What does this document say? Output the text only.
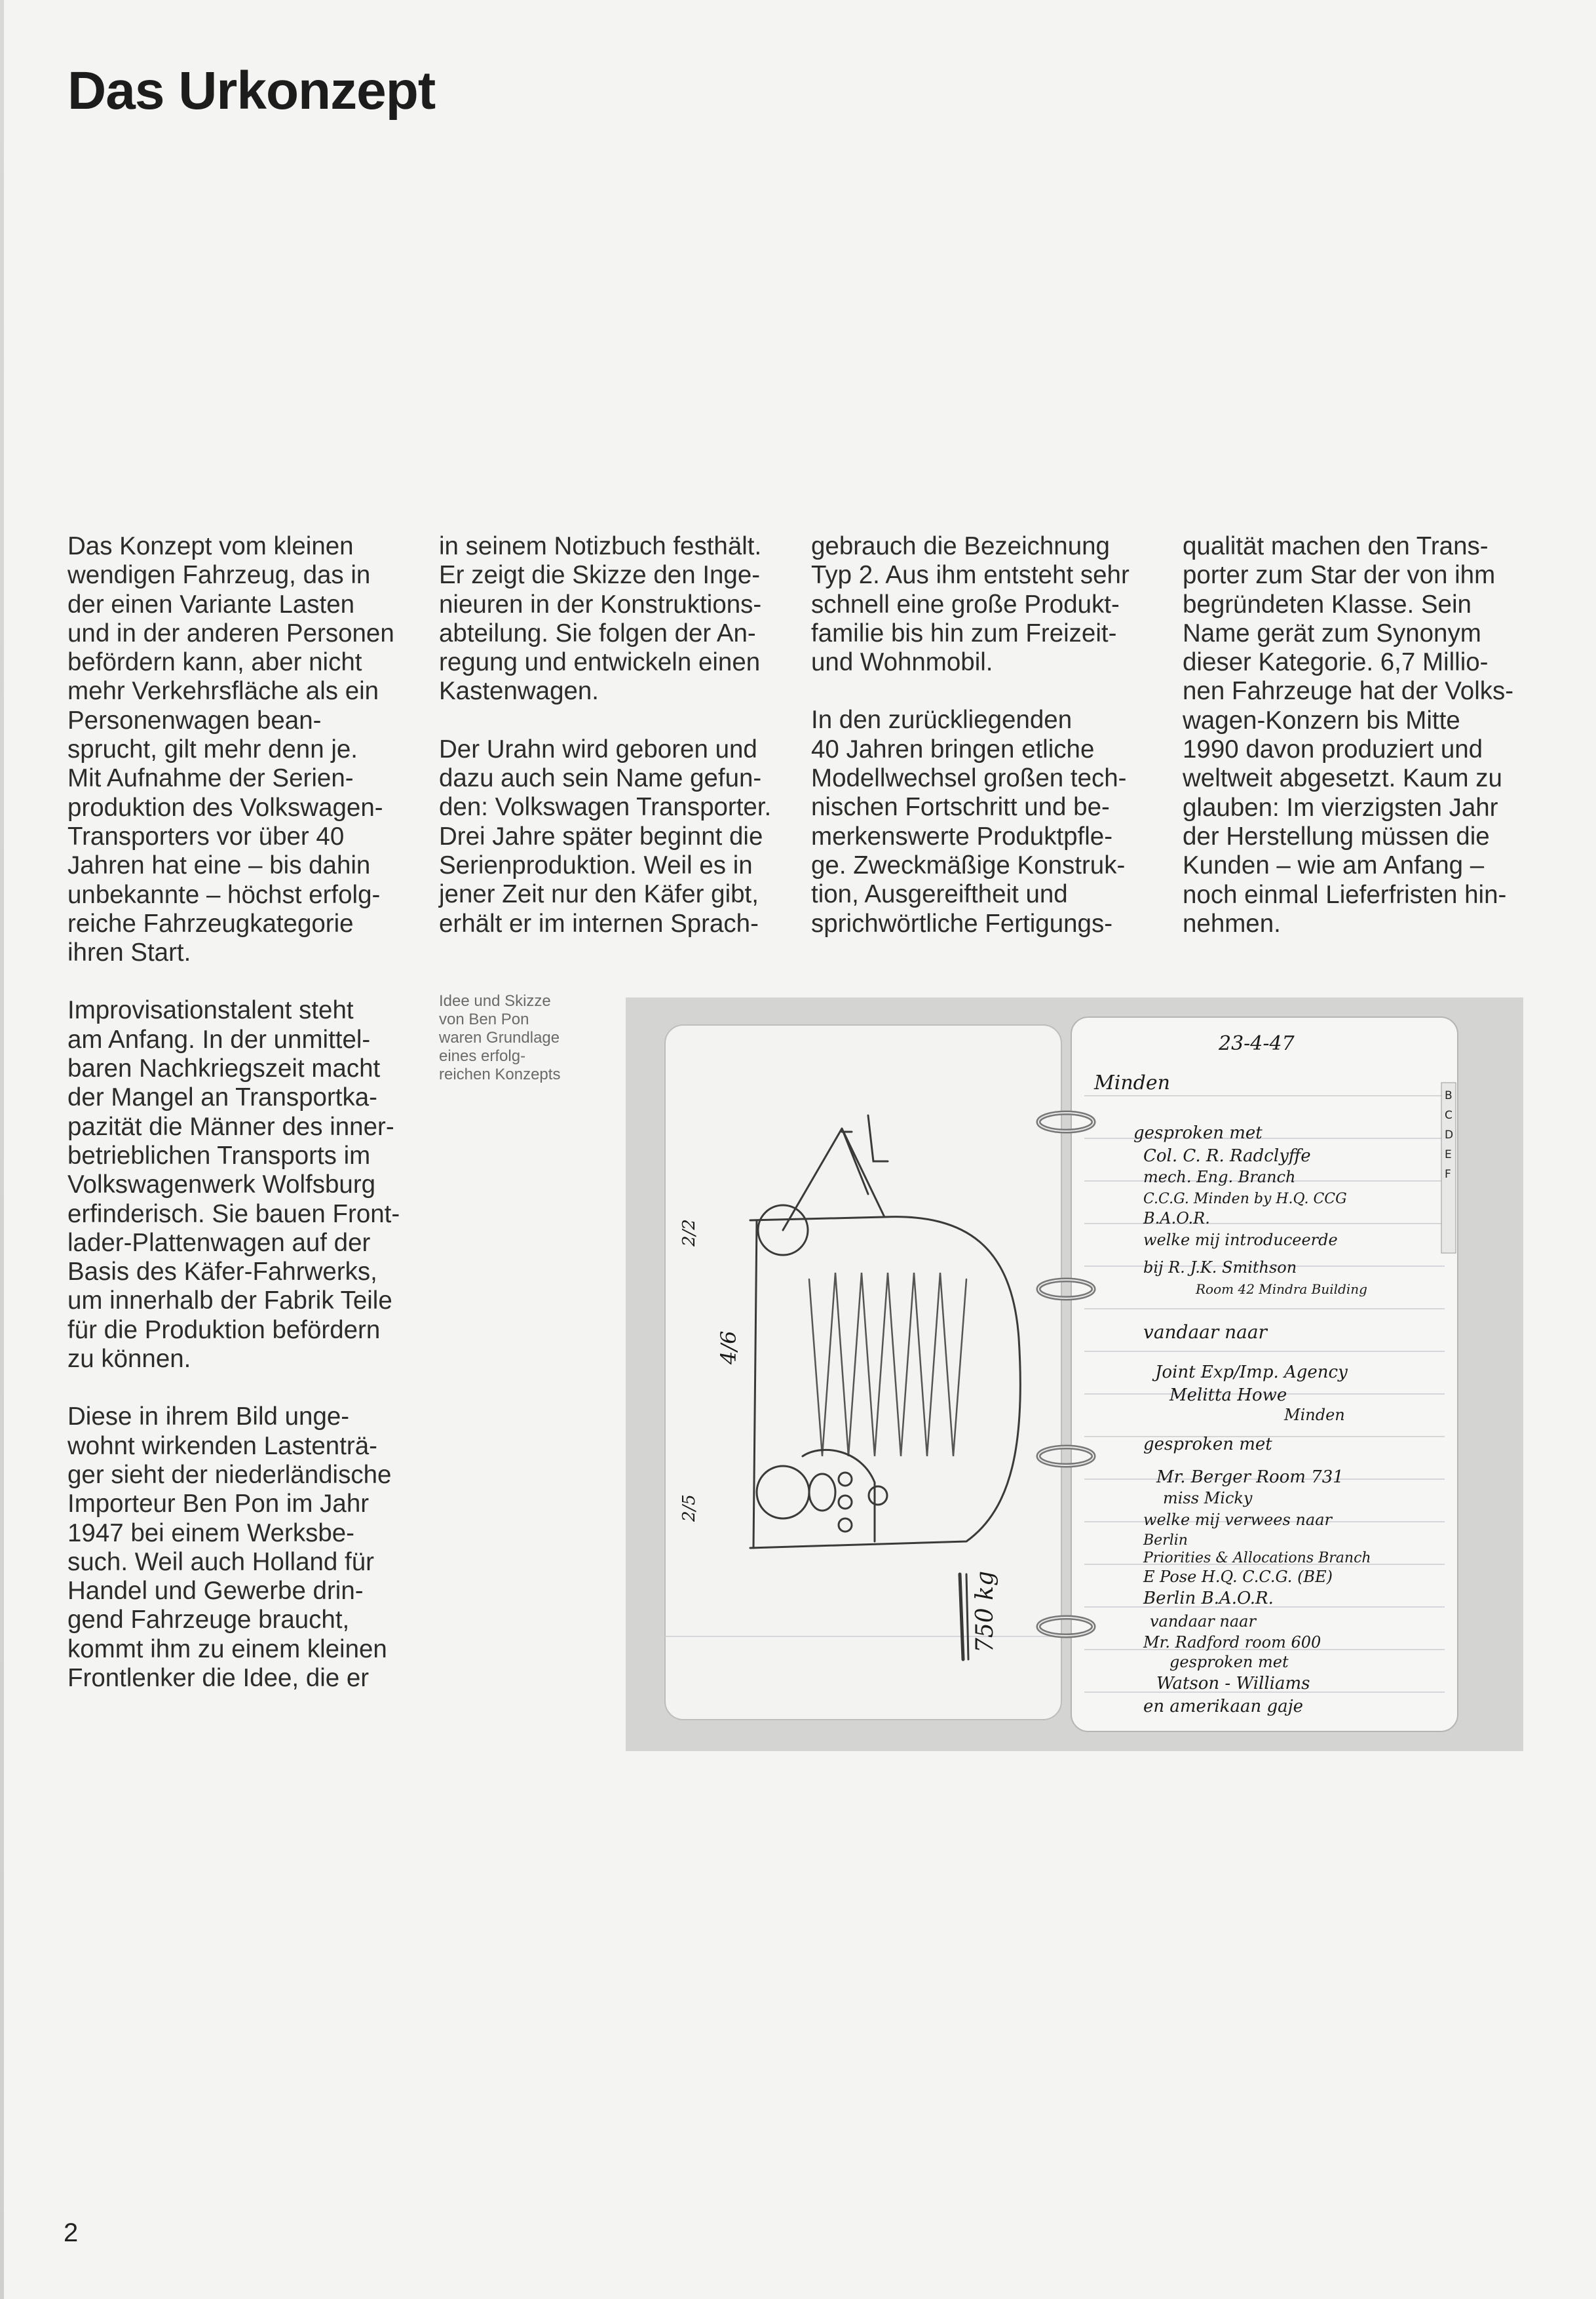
Das Urkonzept

Das Konzept vom kleinen
wendigen Fahrzeug, das in
der einen Variante Lasten
und in der anderen Personen
befördern kann, aber nicht
mehr Verkehrsfläche als ein
Personenwagen bean-
sprucht, gilt mehr denn je.
Mit Aufnahme der Serien-
produktion des Volkswagen-
Transporters vor über 40
Jahren hat eine – bis dahin
unbekannte – höchst erfolg-
reiche Fahrzeugkategorie
ihren Start.

Improvisationstalent steht
am Anfang. In der unmittel-
baren Nachkriegszeit macht
der Mangel an Transportka-
pazität die Männer des inner-
betrieblichen Transports im
Volkswagenwerk Wolfsburg
erfinderisch. Sie bauen Front-
lader-Plattenwagen auf der
Basis des Käfer-Fahrwerks,
um innerhalb der Fabrik Teile
für die Produktion befördern
zu können.

Diese in ihrem Bild unge-
wohnt wirkenden Lastenträ-
ger sieht der niederländische
Importeur Ben Pon im Jahr
1947 bei einem Werksbe-
such. Weil auch Holland für
Handel und Gewerbe drin-
gend Fahrzeuge braucht,
kommt ihm zu einem kleinen
Frontlenker die Idee, die er

in seinem Notizbuch festhält.
Er zeigt die Skizze den Inge-
nieuren in der Konstruktions-
abteilung. Sie folgen der An-
regung und entwickeln einen
Kastenwagen.

Der Urahn wird geboren und
dazu auch sein Name gefun-
den: Volkswagen Transporter.
Drei Jahre später beginnt die
Serienproduktion. Weil es in
jener Zeit nur den Käfer gibt,
erhält er im internen Sprach-

gebrauch die Bezeichnung
Typ 2. Aus ihm entsteht sehr
schnell eine große Produkt-
familie bis hin zum Freizeit-
und Wohnmobil.

In den zurückliegenden
40 Jahren bringen etliche
Modellwechsel großen tech-
nischen Fortschritt und be-
merkenswerte Produktpfle-
ge. Zweckmäßige Konstruk-
tion, Ausgereiftheit und
sprichwörtliche Fertigungs-

qualität machen den Trans-
porter zum Star der von ihm
begründeten Klasse. Sein
Name gerät zum Synonym
dieser Kategorie. 6,7 Millio-
nen Fahrzeuge hat der Volks-
wagen-Konzern bis Mitte
1990 davon produziert und
weltweit abgesetzt. Kaum zu
glauben: Im vierzigsten Jahr
der Herstellung müssen die
Kunden – wie am Anfang –
noch einmal Lieferfristen hin-
nehmen.

Idee und Skizze
von Ben Pon
waren Grundlage
eines erfolg-
reichen Konzepts
B
C
D
E
F
2/2
4/6
2/5
750 kg
23-4-47
Minden
gesproken met
Col. C. R. Radclyffe
mech. Eng. Branch
C.C.G. Minden by H.Q. CCG
B.A.O.R.
welke mij introduceerde
bij R. J.K. Smithson
Room 42 Mindra Building
vandaar naar
Joint Exp/Imp. Agency
Melitta Howe
Minden
gesproken met
Mr. Berger Room 731
miss Micky
welke mij verwees naar
Berlin
Priorities & Allocations Branch
E Pose H.Q. C.C.G. (BE)
Berlin B.A.O.R.
vandaar naar
Mr. Radford room 600
gesproken met
Watson - Williams
en amerikaan gaje
2
